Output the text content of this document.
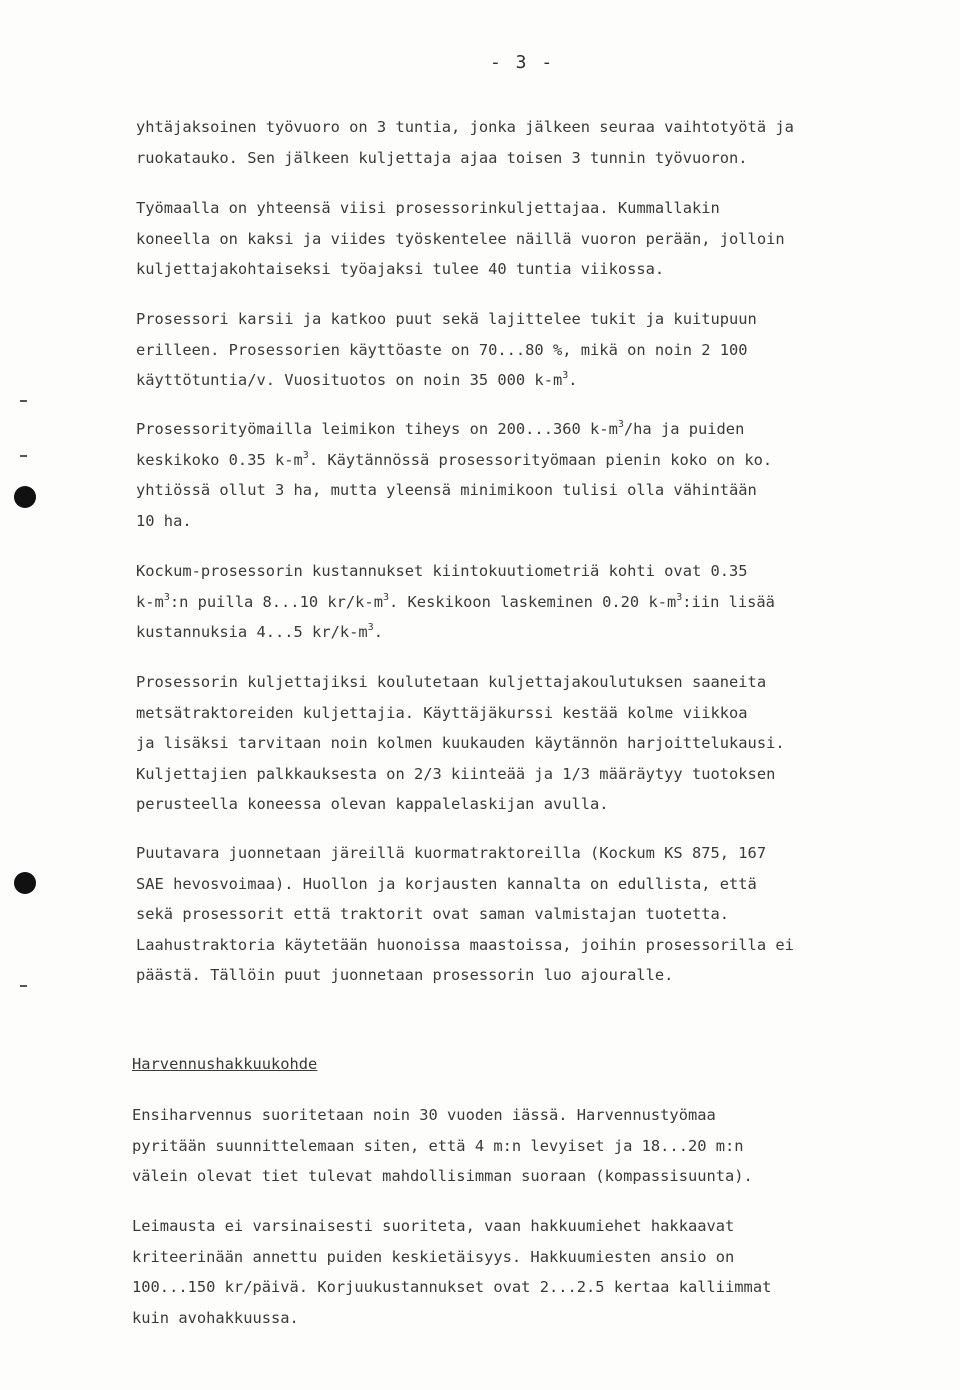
- 3 -
yhtäjaksoinen työvuoro on 3 tuntia, jonka jälkeen seuraa vaihtotyötä ja
ruokatauko. Sen jälkeen kuljettaja ajaa toisen 3 tunnin työvuoron.
Työmaalla on yhteensä viisi prosessorinkuljettajaa. Kummallakin
koneella on kaksi ja viides työskentelee näillä vuoron perään, jolloin
kuljettajakohtaiseksi työajaksi tulee 40 tuntia viikossa.
Prosessori karsii ja katkoo puut sekä lajittelee tukit ja kuitupuun
erilleen. Prosessorien käyttöaste on 70...80 %, mikä on noin 2 100
käyttötuntia/v. Vuosituotos on noin 35 000 $k-m^3$.
Prosessorityömailla leimikon tiheys on 200...360 $k-m^3/ha$ ja puiden
keskikoko 0.35 $k-m^3$. Käytännössä prosessorityömaan pienin koko on ko.
yhtiössä ollut 3 ha, mutta yleensä minimikoon tulisi olla vähintään
10 ha.
Kockum-prosessorin kustannukset kiintokuutiometriä kohti ovat 0.35
$k-m^3:n$ puilla 8...10 $kr/k-m^3$. Keskikoon laskeminen 0.20 $k-m^3:iin$ lisää
kustannuksia 4...5 $kr/k-m^3$.
Prosessorin kuljettajiksi koulutetaan kuljettajakoulutuksen saaneita
metsätraktoreiden kuljettajia. Käyttäjäkurssi kestää kolme viikkoa
ja lisäksi tarvitaan noin kolmen kuukauden käytännön harjoittelukausi.
Kuljettajien palkkauksesta on 2/3 kiinteää ja 1/3 määräytyy tuotoksen
perusteella koneessa olevan kappalelaskijan avulla.
Puutavara juonnetaan järeillä kuormatraktoreilla (Kockum KS 875, 167
SAE hevosvoimaa). Huollon ja korjausten kannalta on edullista, että
sekä prosessorit että traktorit ovat saman valmistajan tuotetta.
Laahustraktoria käytetään huonoissa maastoissa, joihin prosessorilla ei
päästä. Tällöin puut juonnetaan prosessorin luo ajouralle.
Harvennushakkuukohde
Ensiharvennus suoritetaan noin 30 vuoden iässä. Harvennustyömaa
pyritään suunnittelemaan siten, että 4 m:n levyiset ja 18...20 m:n
välein olevat tiet tulevat mahdollisimman suoraan (kompassisuunta).
Leimausta ei varsinaisesti suoriteta, vaan hakkuumiehet hakkaavat
kriteerinään annettu puiden keskietäisyys. Hakkuumiesten ansio on
100...150 kr/päivä. Korjuukustannukset ovat 2...2.5 kertaa kalliimmat
kuin avohakkuussa.
